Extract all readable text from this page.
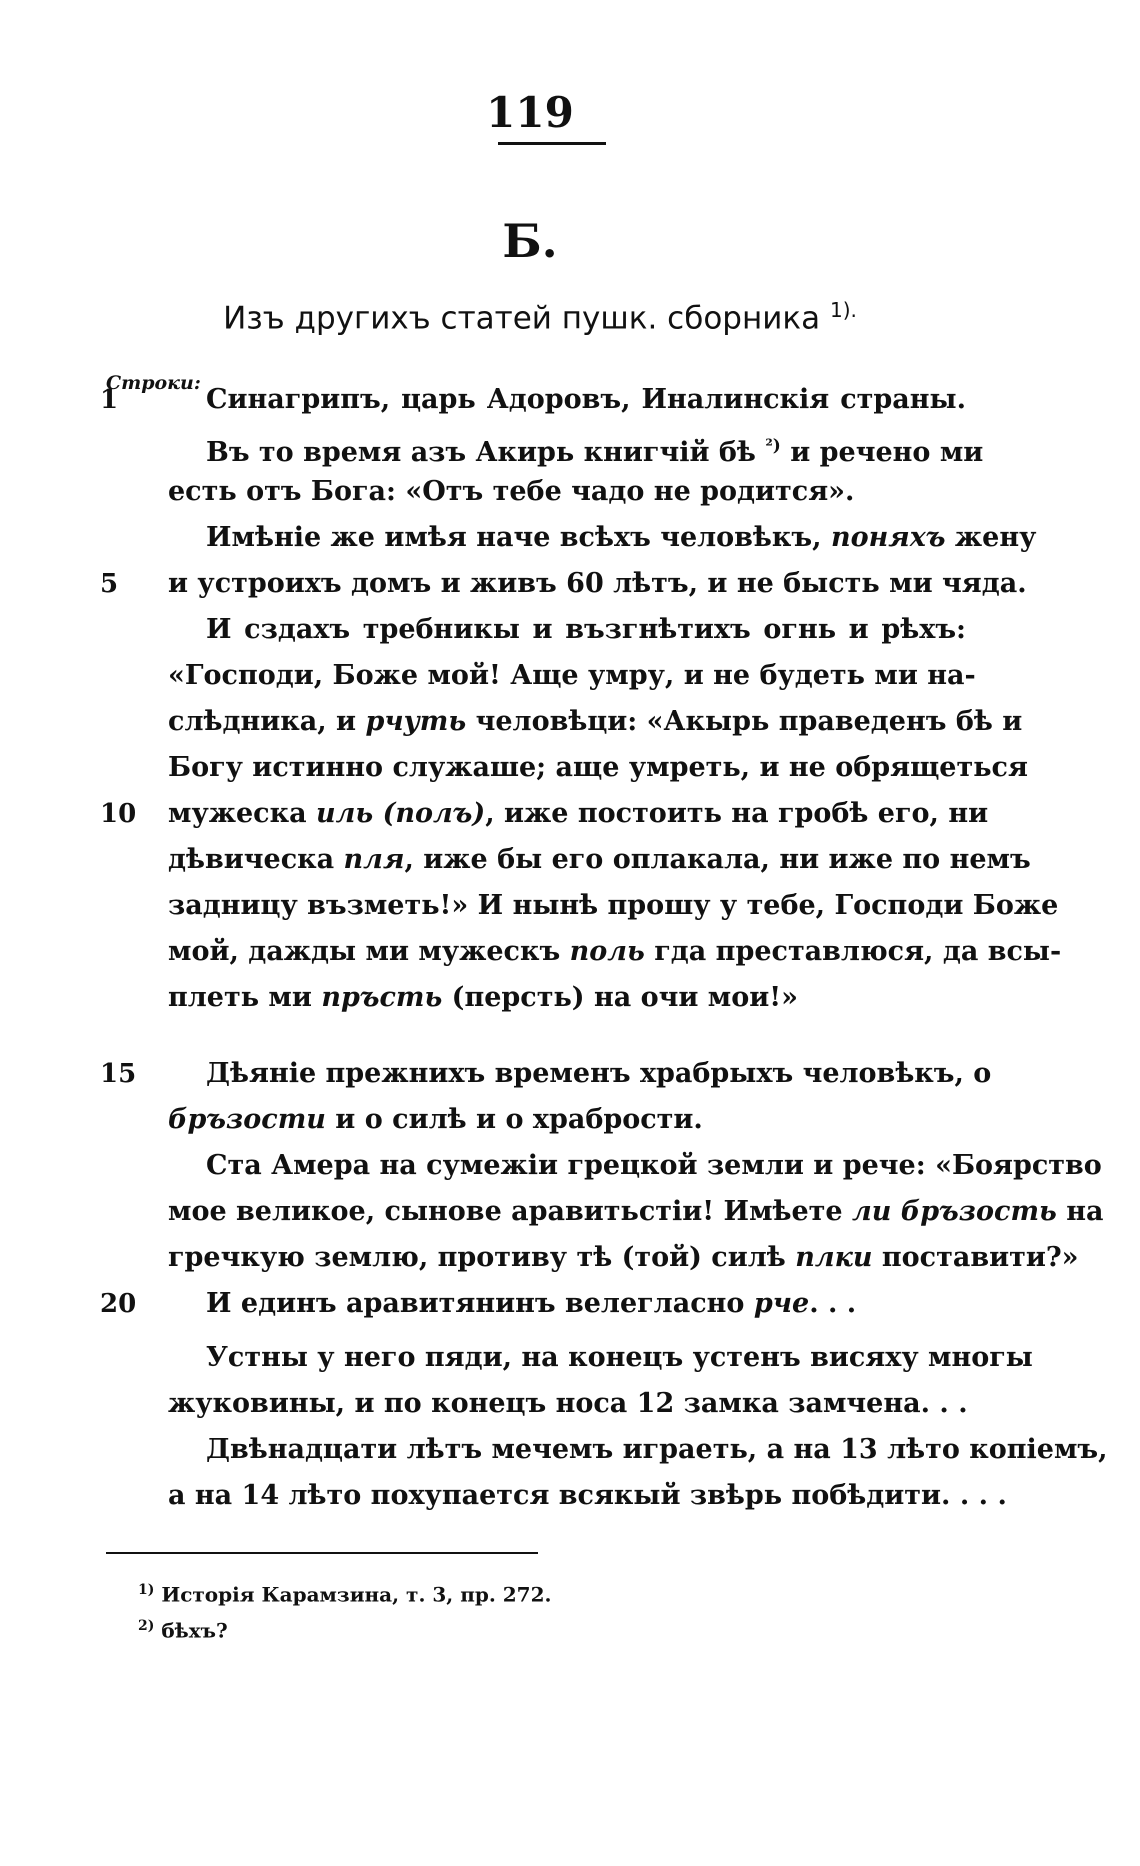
119
Б.
Изъ другихъ статей пушк. сборника $^{1).}$
Строки:
1	Синагрипъ, царь Адоровъ, Иналинскiя страны.
Въ то время азъ Акирь книгчiй бѣ $^{^2)}$ и речено ми
есть отъ Бога: «Отъ тебе чадо не родится».
Имѣнiе же имѣя наче всѣхъ человѣкъ, поняхъ жену
5	и устроихъ домъ и живъ 60 лѣтъ, и не бысть ми чяда.
И сздахъ требникы и възгнѣтихъ огнь и рѣхъ:
«Господи, Боже мой! Аще умру, и не будеть ми на-
слѣдника, и рчуть человѣци: «Акырь праведенъ бѣ и
Богу истинно служаше; аще умреть, и не обрящеться
10	мужеска иль (полъ), иже постоить на гробѣ его, ни
дѣвическа пля, иже бы его оплакала, ни иже по немъ
задницу възметь!» И нынѣ прошу у тебе, Господи Боже
мой, дажды ми мужескъ поль гда преставлюся, да всы-
плеть ми пръсть (персть) на очи мои!»
15	Дѣянiе прежнихъ временъ храбрыхъ человѣкъ, о
бръзости и о силѣ и о храбрости.
Ста Амера на сумежiи грецкой земли и рече: «Боярство
мое великое, сынове аравитьстiи! Имѣете ли бръзость на
гречкую землю, противу тѣ (той) силѣ плки поставити?»
20	И единъ аравитянинъ велегласно рче. . .
Устны у него пяди, на конецъ устенъ висяху многы
жуковины, и по конецъ носа 12 замка замчена. . .
Двѣнадцати лѣтъ мечемъ играеть, а на 13 лѣто копiемъ,
а на 14 лѣто похупается всякый звѣрь побѣдити. . . .
$^{1)}$ Исторiя Карамзина, т. 3, пр. 272.
$^{2)}$ бѣхъ?
